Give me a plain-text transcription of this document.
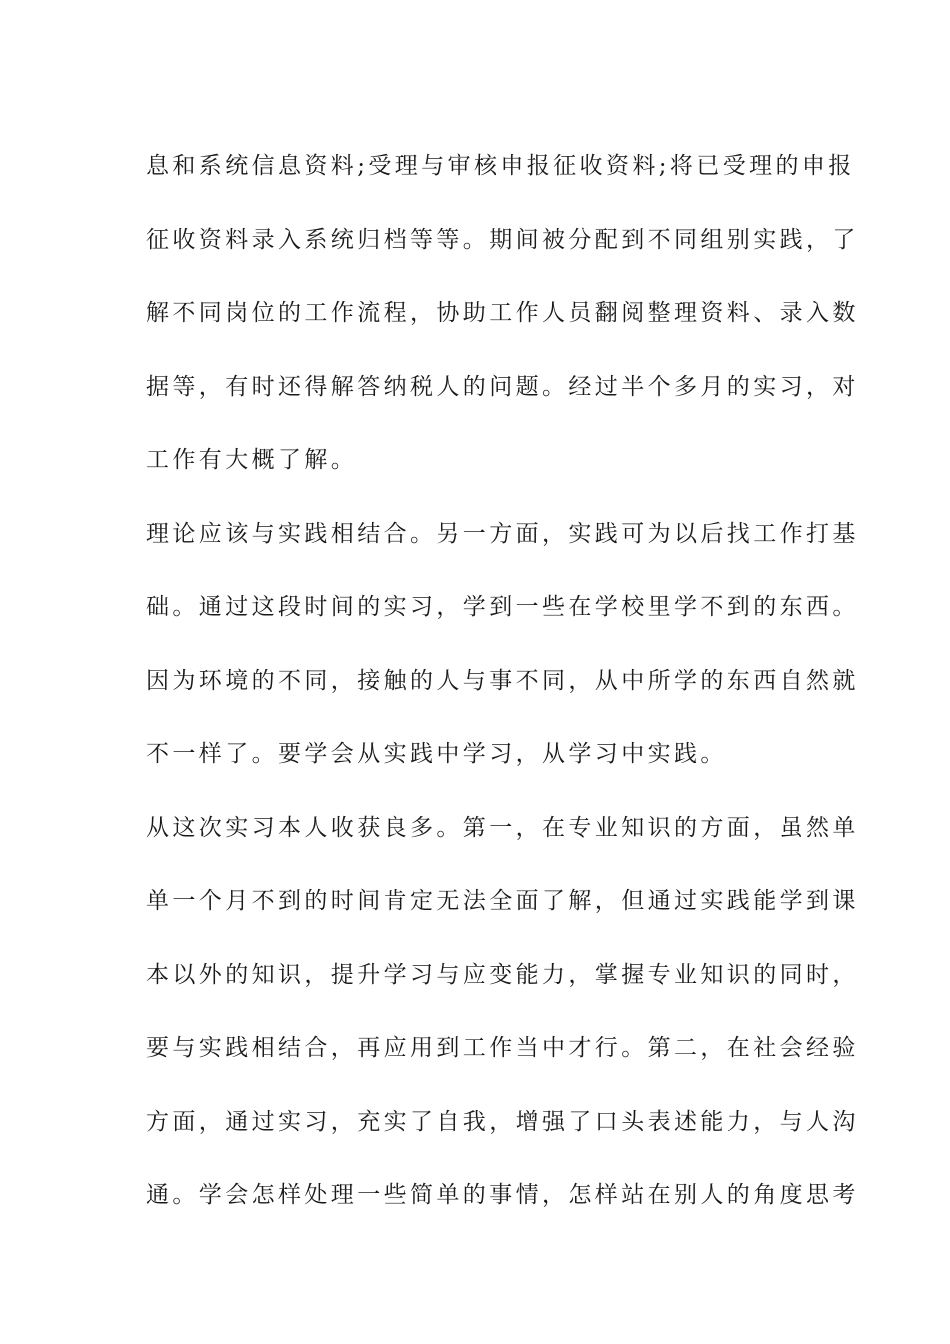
息和系统信息资料;受理与审核申报征收资料;将已受理的申报
征收资料录入系统归档等等。期间被分配到不同组别实践，了
解不同岗位的工作流程，协助工作人员翻阅整理资料、录入数
据等，有时还得解答纳税人的问题。经过半个多月的实习，对
工作有大概了解。
理论应该与实践相结合。另一方面，实践可为以后找工作打基
础。通过这段时间的实习，学到一些在学校里学不到的东西。
因为环境的不同，接触的人与事不同，从中所学的东西自然就
不一样了。要学会从实践中学习，从学习中实践。
从这次实习本人收获良多。第一，在专业知识的方面，虽然单
单一个月不到的时间肯定无法全面了解，但通过实践能学到课
本以外的知识，提升学习与应变能力，掌握专业知识的同时，
要与实践相结合，再应用到工作当中才行。第二，在社会经验
方面，通过实习，充实了自我，增强了口头表述能力，与人沟
通。学会怎样处理一些简单的事情，怎样站在别人的角度思考
